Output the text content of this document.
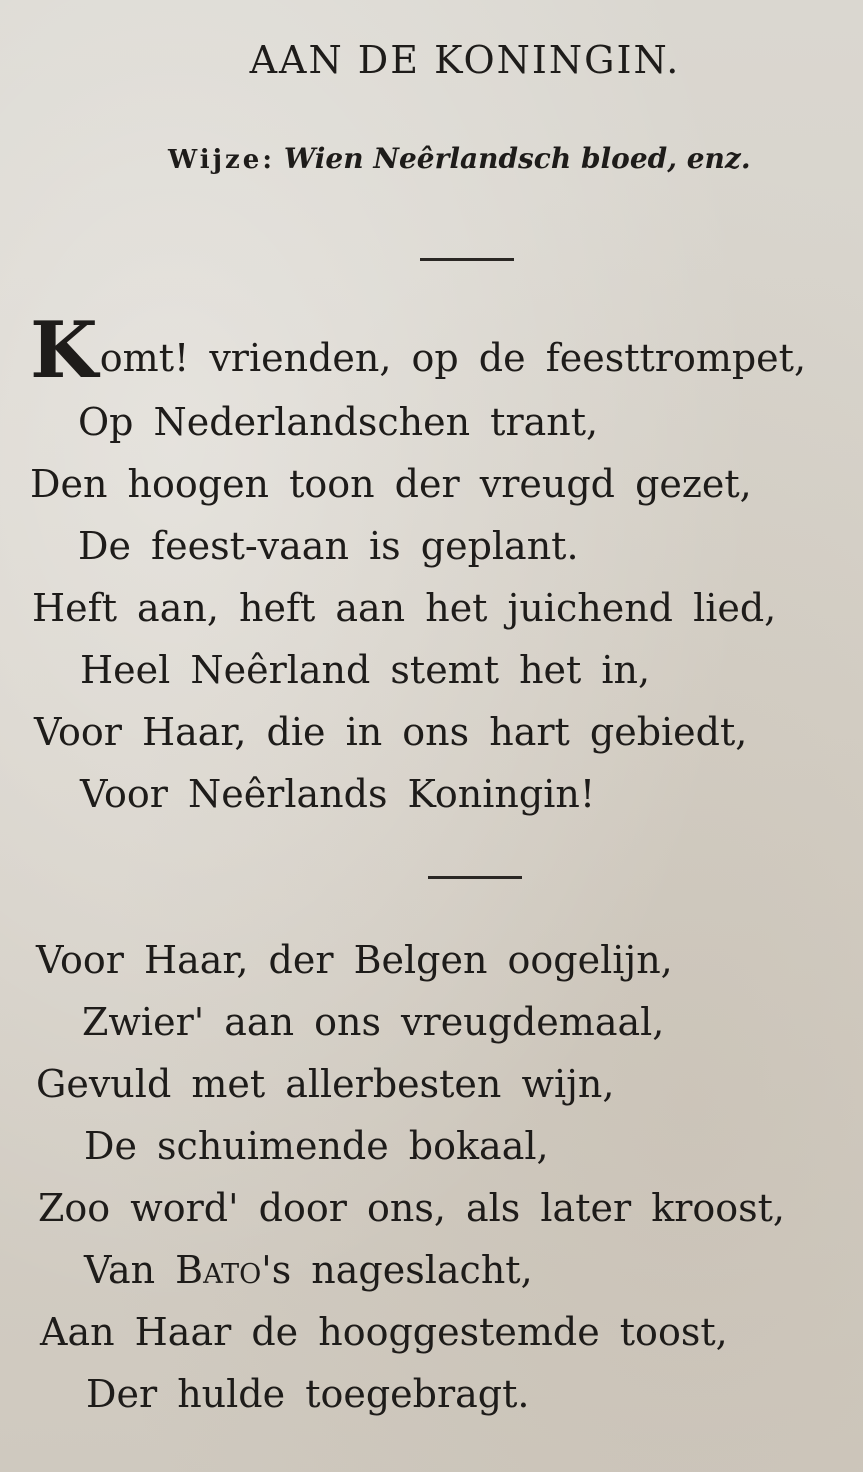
AAN DE KONINGIN.
Wijze: Wien Neêrlandsch bloed, enz.
Komt! vrienden, op de feesttrompet,
Op Nederlandschen trant,
Den hoogen toon der vreugd gezet,
De feest-vaan is geplant.
Heft aan, heft aan het juichend lied,
Heel Neêrland stemt het in,
Voor Haar, die in ons hart gebiedt,
Voor Neêrlands Koningin!
Voor Haar, der Belgen oogelijn,
Zwier' aan ons vreugdemaal,
Gevuld met allerbesten wijn,
De schuimende bokaal,
Zoo word' door ons, als later kroost,
Van Bato's nageslacht,
Aan Haar de hooggestemde toost,
Der hulde toegebragt.
